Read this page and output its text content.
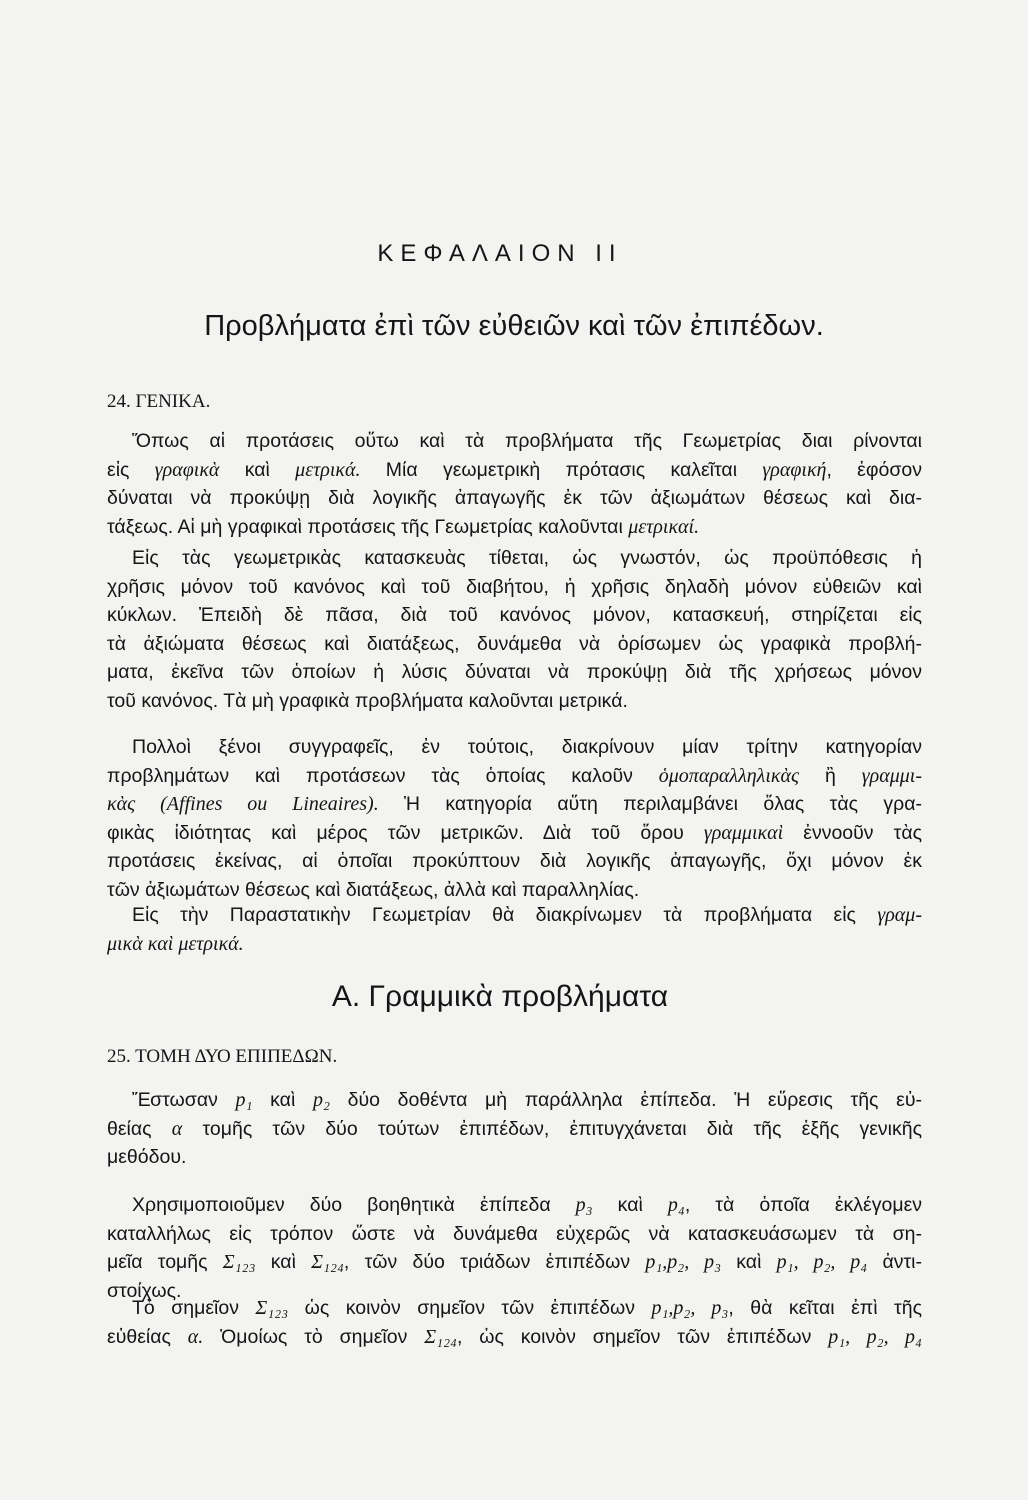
ΚΕΦΑΛΑΙΟΝ ΙΙ
Προβλήματα ἐπὶ τῶν εὐθειῶν καὶ τῶν ἐπιπέδων.
24. ΓΕΝΙΚΑ.
Ὅπως αἱ προτάσεις οὕτω καὶ τὰ προβλήματα τῆς Γεωμετρίας διαι ρίνονται
εἰς γραφικὰ καὶ μετρικά. Μία γεωμετρικὴ πρότασις καλεῖται γραφική, ἐφόσον
δύναται νὰ προκύψῃ διὰ λογικῆς ἀπαγωγῆς ἐκ τῶν ἀξιωμάτων θέσεως καὶ δια-
τάξεως. Αἱ μὴ γραφικαὶ προτάσεις τῆς Γεωμετρίας καλοῦνται μετρικαί.
Εἰς τὰς γεωμετρικὰς κατασκευὰς τίθεται, ὡς γνωστόν, ὡς προϋπόθεσις ἡ
χρῆσις μόνον τοῦ κανόνος καὶ τοῦ διαβήτου, ἡ χρῆσις δηλαδὴ μόνον εὐθειῶν καὶ
κύκλων. Ἐπειδὴ δὲ πᾶσα, διὰ τοῦ κανόνος μόνον, κατασκευή, στηρίζεται εἰς
τὰ ἀξιώματα θέσεως καὶ διατάξεως, δυνάμεθα νὰ ὁρίσωμεν ὡς γραφικὰ προβλή-
ματα, ἐκεῖνα τῶν ὁποίων ἡ λύσις δύναται νὰ προκύψῃ διὰ τῆς χρήσεως μόνον
τοῦ κανόνος. Τὰ μὴ γραφικὰ προβλήματα καλοῦνται μετρικά.
Πολλοὶ ξένοι συγγραφεῖς, ἐν τούτοις, διακρίνουν μίαν τρίτην κατηγορίαν
προβλημάτων καὶ προτάσεων τὰς ὁποίας καλοῦν ὁμοπαραλληλικὰς ἢ γραμμι-
κὰς (Affines ou Lineaires). Ἡ κατηγορία αὕτη περιλαμβάνει ὅλας τὰς γρα-
φικὰς ἰδιότητας καὶ μέρος τῶν μετρικῶν. Διὰ τοῦ ὅρου γραμμικαὶ ἐννοοῦν τὰς
προτάσεις ἐκείνας, αἱ ὁποῖαι προκύπτουν διὰ λογικῆς ἀπαγωγῆς, ὄχι μόνον ἐκ
τῶν ἀξιωμάτων θέσεως καὶ διατάξεως, ἀλλὰ καὶ παραλληλίας.
Εἰς τὴν Παραστατικὴν Γεωμετρίαν θὰ διακρίνωμεν τὰ προβλήματα εἰς γραμ-
μικὰ καὶ μετρικά.
Α. Γραμμικὰ προβλήματα
25. ΤΟΜΗ ΔΥΟ ΕΠΙΠΕΔΩΝ.
Ἔστωσαν p₁ καὶ p₂ δύο δοθέντα μὴ παράλληλα ἐπίπεδα. Ἡ εὕρεσις τῆς εὐ-
θείας α τομῆς τῶν δύο τούτων ἐπιπέδων, ἐπιτυγχάνεται διὰ τῆς ἑξῆς γενικῆς
μεθόδου.
Χρησιμοποιοῦμεν δύο βοηθητικὰ ἐπίπεδα p₃ καὶ p₄, τὰ ὁποῖα ἐκλέγομεν
καταλλήλως εἰς τρόπον ὥστε νὰ δυνάμεθα εὐχερῶς νὰ κατασκευάσωμεν τὰ ση-
μεῖα τομῆς Σ₁₂₃ καὶ Σ₁₂₄, τῶν δύο τριάδων ἐπιπέδων p₁,p₂, p₃ καὶ p₁, p₂, p₄ ἀντι-
στοίχως.
Τὸ σημεῖον Σ₁₂₃ ὡς κοινὸν σημεῖον τῶν ἐπιπέδων p₁,p₂, p₃, θὰ κεῖται ἐπὶ τῆς
εὐθείας α. Ὁμοίως τὸ σημεῖον Σ₁₂₄, ὡς κοινὸν σημεῖον τῶν ἐπιπέδων p₁, p₂, p₄
